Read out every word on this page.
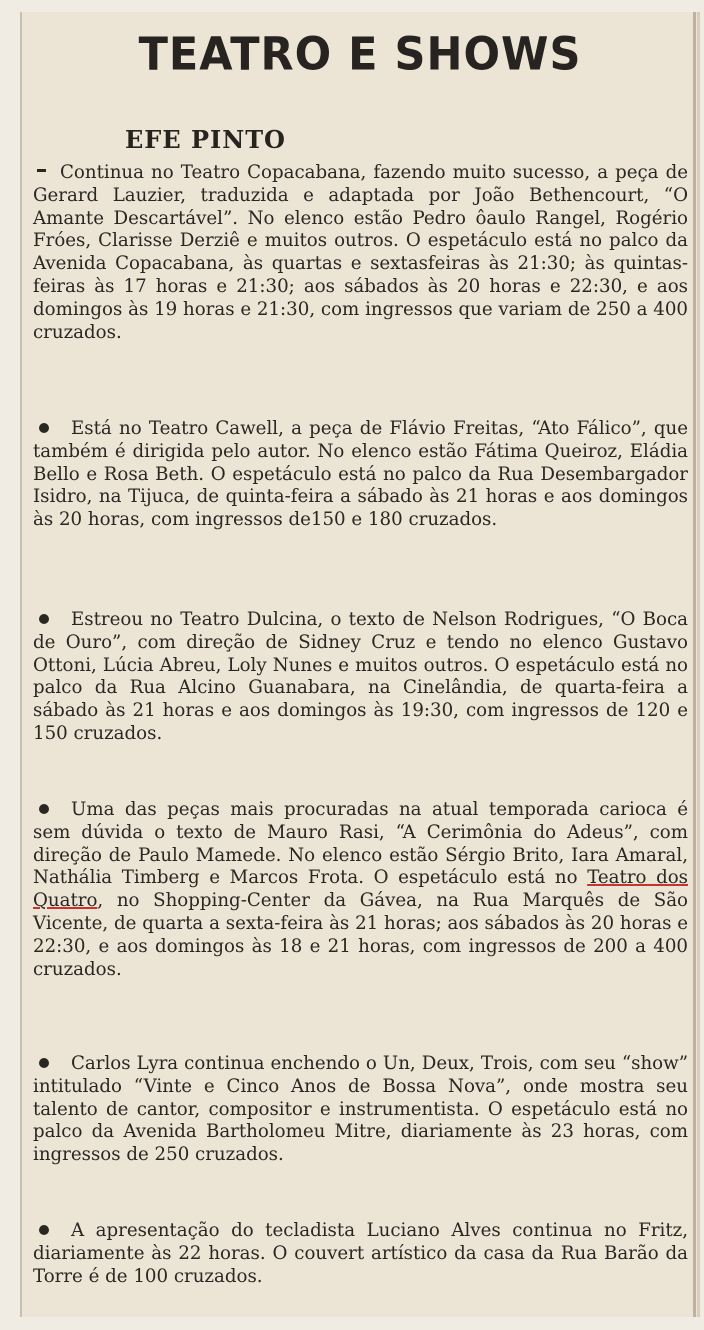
TEATRO E SHOWS
EFE PINTO

Continua no Teatro Copacabana, fazendo muito sucesso, a peça de Gerard Lauzier, traduzida e adaptada por João Bethencourt, “O Amante Descartável”. No elenco estão Pedro ôaulo Rangel, Rogério Fróes, Clarisse Derziê e muitos outros. O espetáculo está no palco da Avenida Copacabana, às quartas e sextasfeiras às 21:30; às quintas-feiras às 17 horas e 21:30; aos sábados às 20 horas e 22:30, e aos domingos às 19 horas e 21:30, com ingressos que variam de 250 a 400 cruzados.

Está no Teatro Cawell, a peça de Flávio Freitas, “Ato Fálico”, que também é dirigida pelo autor. No elenco estão Fátima Queiroz, Eládia Bello e Rosa Beth. O espetáculo está no palco da Rua Desembargador Isidro, na Tijuca, de quinta-feira a sábado às 21 horas e aos domingos às 20 horas, com ingressos de150 e 180 cruzados.

Estreou no Teatro Dulcina, o texto de Nelson Rodrigues, “O Boca de Ouro”, com direção de Sidney Cruz e tendo no elenco Gustavo Ottoni, Lúcia Abreu, Loly Nunes e muitos outros. O espetáculo está no palco da Rua Alcino Guanabara, na Cinelândia, de quarta-feira a sábado às 21 horas e aos domingos às 19:30, com ingressos de 120 e 150 cruzados.

Uma das peças mais procuradas na atual temporada carioca é sem dúvida o texto de Mauro Rasi, “A Cerimônia do Adeus”, com direção de Paulo Mamede. No elenco estão Sérgio Brito, Iara Amaral, Nathália Timberg e Marcos Frota. O espetáculo está no Teatro dos Quatro, no Shopping-Center da Gávea, na Rua Marquês de São Vicente, de quarta a sexta-feira às 21 horas; aos sábados às 20 horas e 22:30, e aos domingos às 18 e 21 horas, com ingressos de 200 a 400 cruzados.

Carlos Lyra continua enchendo o Un, Deux, Trois, com seu “show” intitulado “Vinte e Cinco Anos de Bossa Nova”, onde mostra seu talento de cantor, compositor e instrumentista. O espetáculo está no palco da Avenida Bartholomeu Mitre, diariamente às 23 horas, com ingressos de 250 cruzados.

A apresentação do tecladista Luciano Alves continua no Fritz, diariamente às 22 horas. O couvert artístico da casa da Rua Barão da Torre é de 100 cruzados.
